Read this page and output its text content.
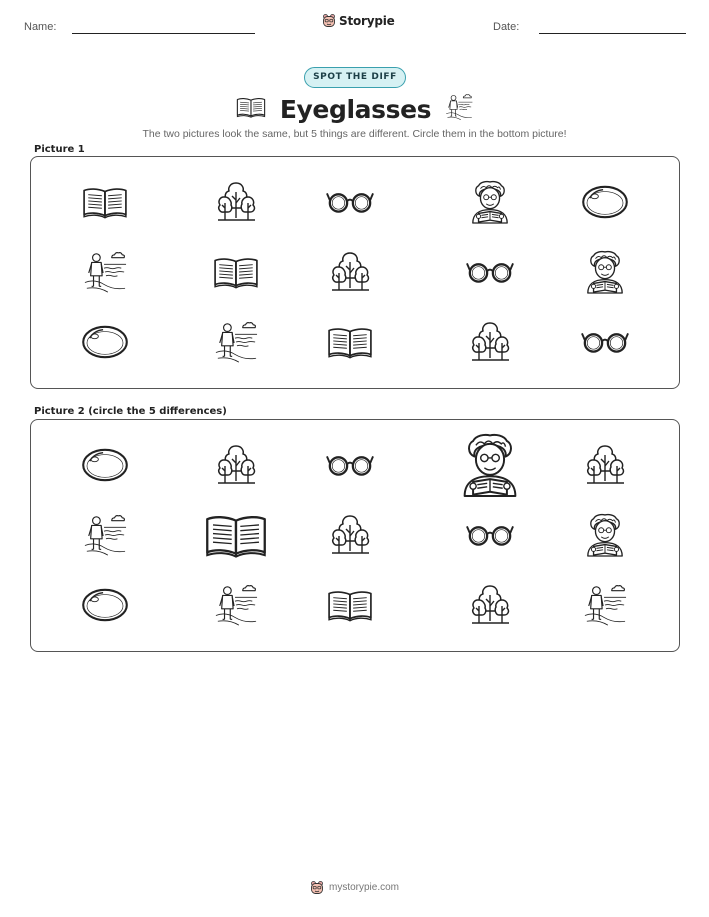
Name:	Storypie	Date:
SPOT THE DIFF
Eyeglasses
The two pictures look the same, but 5 things are different. Circle them in the bottom picture!
Picture 1
Picture 2 (circle the 5 differences)
mystorypie.com
